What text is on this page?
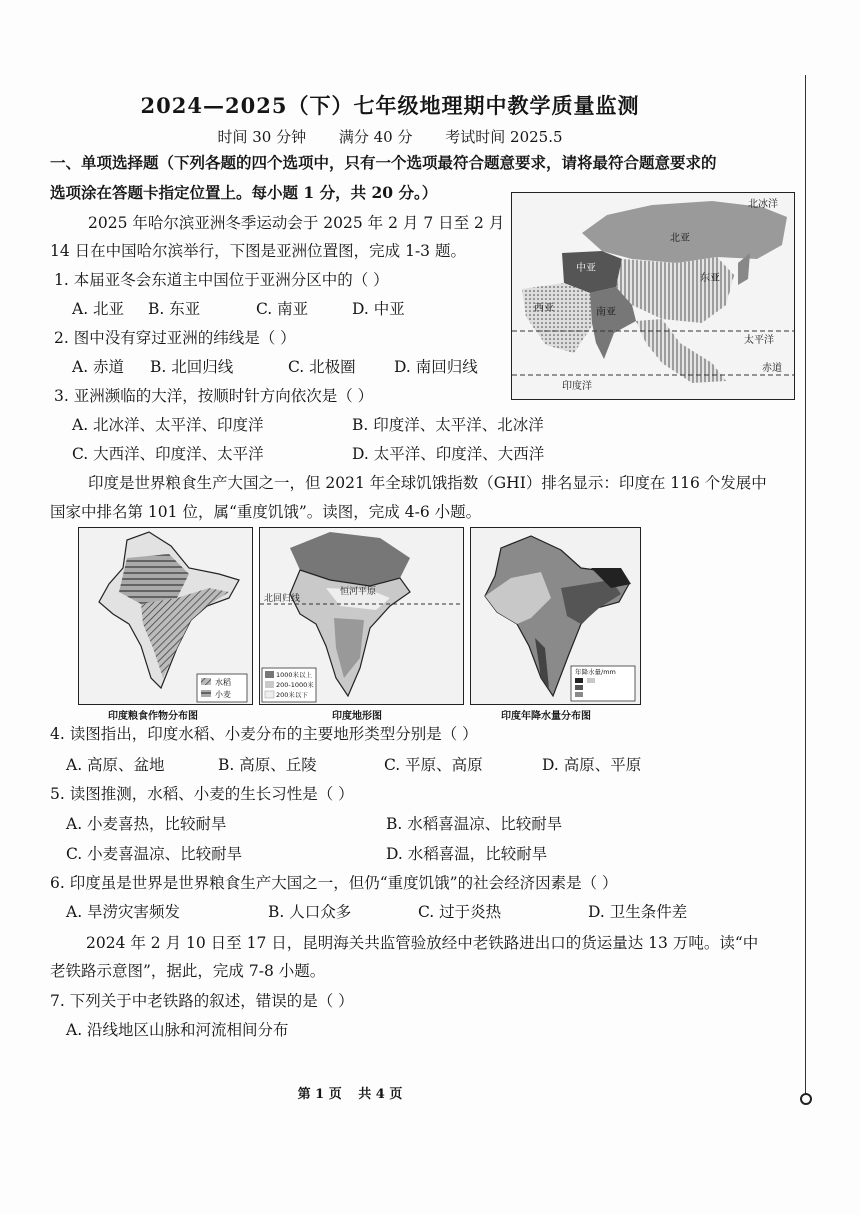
2024—2025（下）七年级地理期中教学质量监测
时间 30 分钟 满分 40 分 考试时间 2025.5
一、单项选择题（下列各题的四个选项中，只有一个选项最符合题意要求，请将最符合题意要求的
选项涂在答题卡指定位置上。每小题 1 分，共 20 分。）
北冰洋
北亚
中亚
东亚
西亚	南亚
太平洋
赤道
印度洋
2025 年哈尔滨亚洲冬季运动会于 2025 年 2 月 7 日至 2 月
14 日在中国哈尔滨举行，下图是亚洲位置图，完成 1-3 题。
1. 本届亚冬会东道主中国位于亚洲分区中的（ ）
A. 北亚 B. 东亚	C. 南亚	D. 中亚
2. 图中没有穿过亚洲的纬线是（ ）
A. 赤道 B. 北回归线	C. 北极圈 D. 南回归线
3. 亚洲濒临的大洋，按顺时针方向依次是（ ）
A. 北冰洋、太平洋、印度洋	B. 印度洋、太平洋、北冰洋
C. 大西洋、印度洋、太平洋	D. 太平洋、印度洋、大西洋
印度是世界粮食生产大国之一，但 2021 年全球饥饿指数（GHI）排名显示：印度在 116 个发展中
国家中排名第 101 位，属“重度饥饿”。读图，完成 4-6 小题。
水稻
小麦
印度粮食作物分布图
北回归线
恒河平原
1000米以上
200-1000米
200米以下
印度地形图
年降水量/mm
印度年降水量分布图
4. 读图指出，印度水稻、小麦分布的主要地形类型分别是（ ）
A. 高原、盆地	B. 高原、丘陵	C. 平原、高原	D. 高原、平原
5. 读图推测，水稻、小麦的生长习性是（ ）
A. 小麦喜热，比较耐旱	B. 水稻喜温凉、比较耐旱
C. 小麦喜温凉、比较耐旱	D. 水稻喜温，比较耐旱
6. 印度虽是世界是世界粮食生产大国之一，但仍“重度饥饿”的社会经济因素是（ ）
A. 旱涝灾害频发	B. 人口众多	C. 过于炎热	D. 卫生条件差
2024 年 2 月 10 日至 17 日，昆明海关共监管验放经中老铁路进出口的货运量达 13 万吨。读“中
老铁路示意图”，据此，完成 7-8 小题。
7. 下列关于中老铁路的叙述，错误的是（ ）
A. 沿线地区山脉和河流相间分布
第 1 页 共 4 页
